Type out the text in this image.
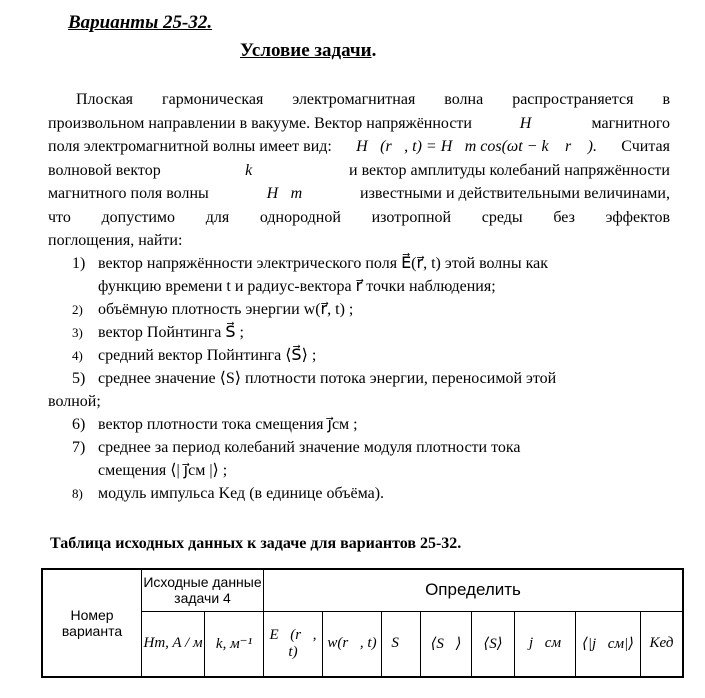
Варианты 25-32.
Условие задачи.
Плоская гармоническая электромагнитная волна распространяется в
произвольном направлении в вакууме. Вектор напряжённости	H⃗	магнитного
поля электромагнитной волны имеет вид: H⃗(r⃗, t) = H⃗m cos(ωt − k⃗ r⃗ ). Считая
волновой вектор	k⃗	и вектор амплитуды колебаний напряжённости
магнитного поля волны	H⃗m	известными и действительными величинами,
что допустимо для однородной изотропной среды без эффектов
поглощения, найти:
1) вектор напряжённости электрического поля E⃗(r⃗, t) этой волны как
функцию времени t и радиус-вектора r⃗ точки наблюдения;
2) объёмную плотность энергии w(r⃗, t) ;
3) вектор Пойнтинга S⃗ ;
4) средний вектор Пойнтинга ⟨S⃗⟩ ;
5) среднее значение ⟨S⟩ плотности потока энергии, переносимой этой
волной;
6) вектор плотности тока смещения j⃗см ;
7) среднее за период колебаний значение модуля плотности тока
смещения ⟨| j⃗см |⟩ ;
8) модуль импульса Kед (в единице объёма).
Таблица исходных данных к задаче для вариантов 25-32.
Номер варианта	Исходные данные задачи 4		Определить							
	Hm, A / м	k, м⁻¹	E⃗(r⃗, t)	w(r⃗, t)	S⃗	⟨S⃗⟩	⟨S⟩	j⃗см	⟨|j⃗см|⟩	Kед
